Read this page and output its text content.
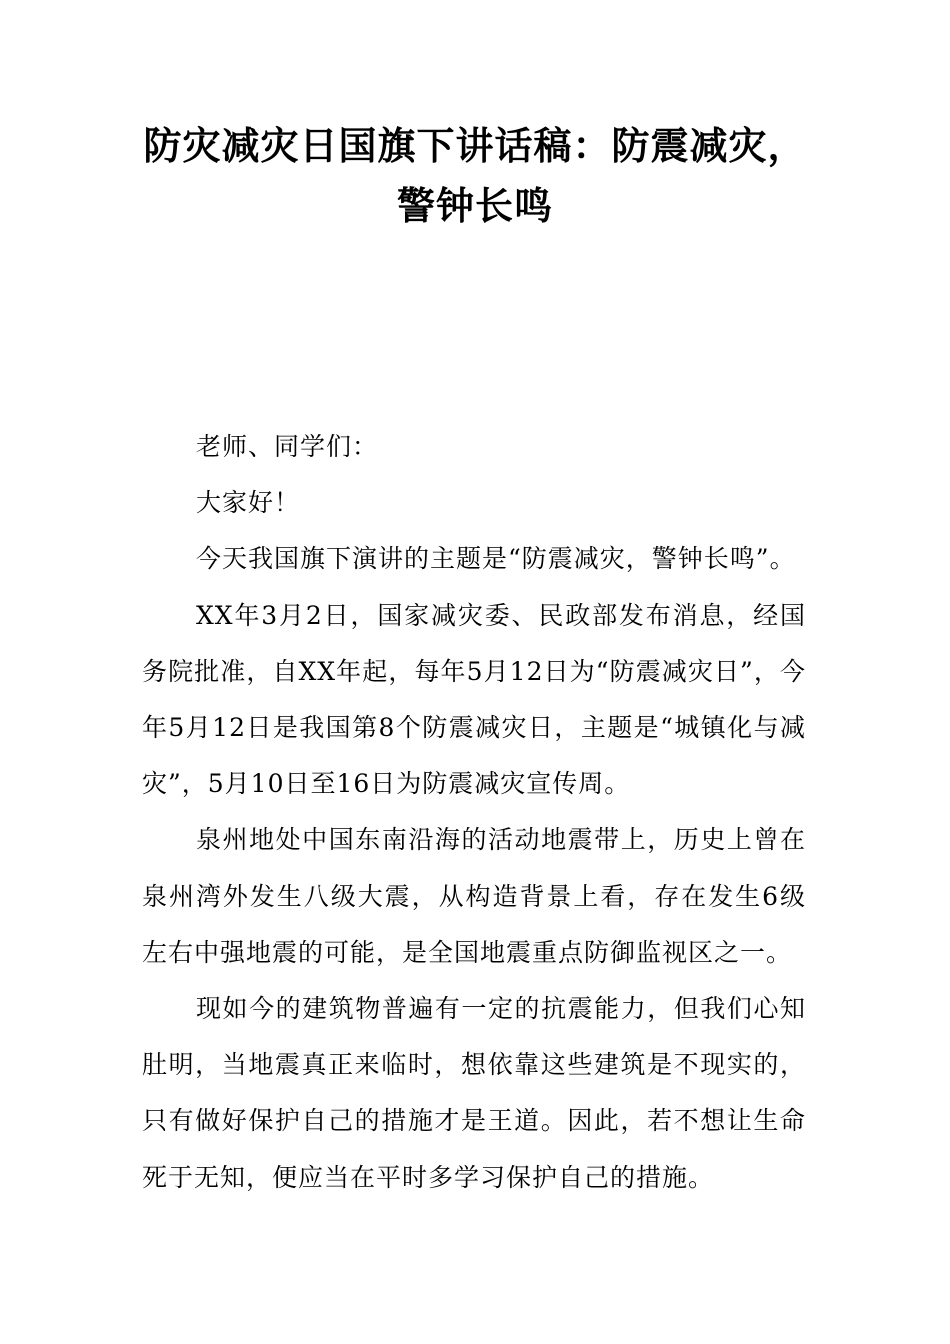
防灾减灾日国旗下讲话稿：防震减灾，
警钟长鸣

老师、同学们：

大家好！

今天我国旗下演讲的主题是“防震减灾，警钟长鸣”。

XX年3月2日，国家减灾委、民政部发布消息，经国务院批准，自XX年起，每年5月12日为“防震减灾日”，今年5月12日是我国第8个防震减灾日，主题是“城镇化与减灾”，5月10日至16日为防震减灾宣传周。

泉州地处中国东南沿海的活动地震带上，历史上曾在泉州湾外发生八级大震，从构造背景上看，存在发生6级左右中强地震的可能，是全国地震重点防御监视区之一。

现如今的建筑物普遍有一定的抗震能力，但我们心知肚明，当地震真正来临时，想依靠这些建筑是不现实的，只有做好保护自己的措施才是王道。因此，若不想让生命死于无知，便应当在平时多学习保护自己的措施。
